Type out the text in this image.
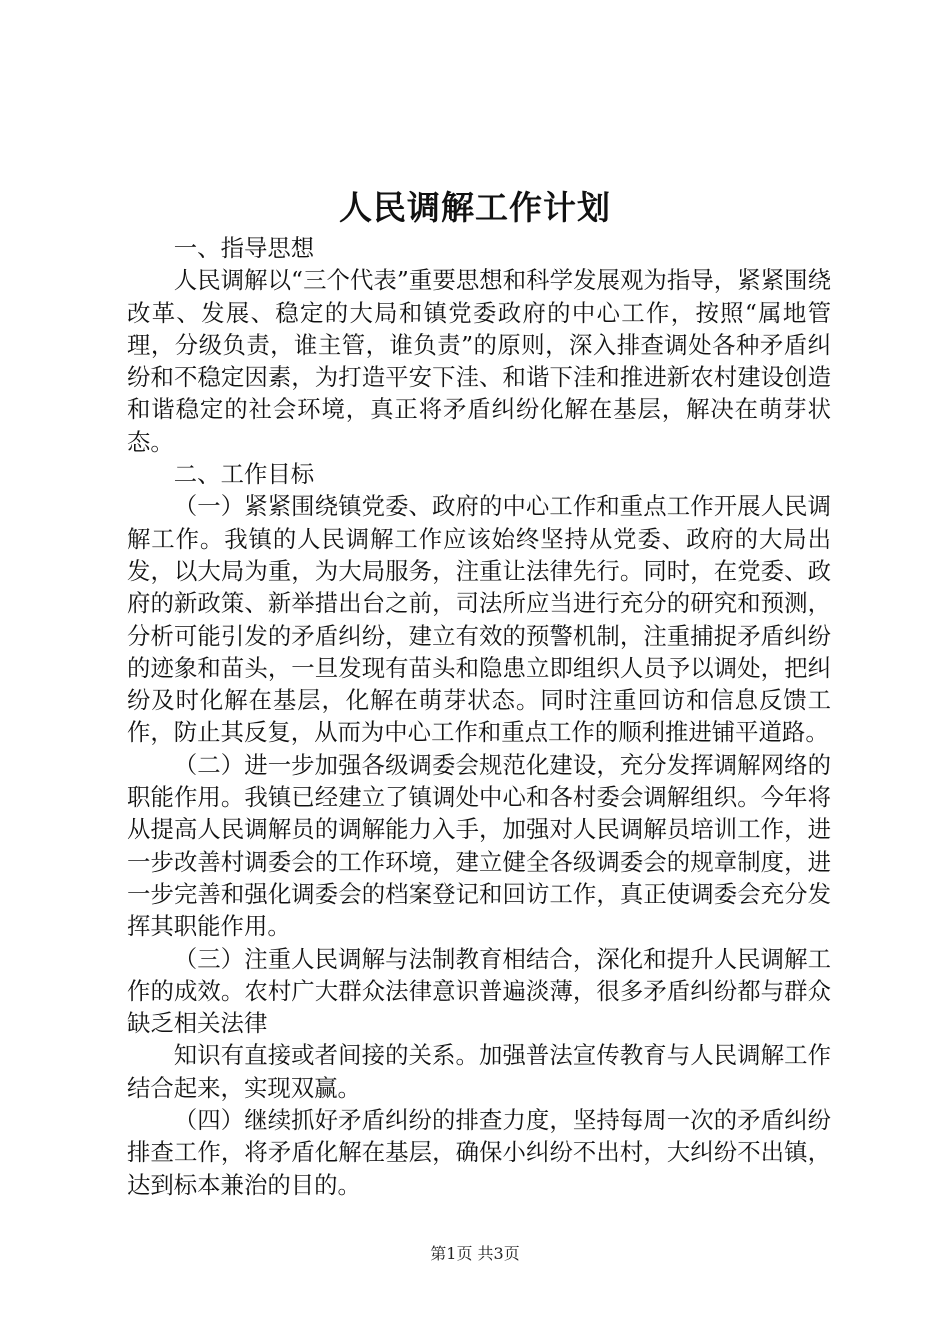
人民调解工作计划

一、指导思想

人民调解以“三个代表”重要思想和科学发展观为指导，紧紧围绕改革、发展、稳定的大局和镇党委政府的中心工作，按照“属地管理，分级负责，谁主管，谁负责”的原则，深入排查调处各种矛盾纠纷和不稳定因素，为打造平安下洼、和谐下洼和推进新农村建设创造和谐稳定的社会环境，真正将矛盾纠纷化解在基层，解决在萌芽状态。

二、工作目标

（一）紧紧围绕镇党委、政府的中心工作和重点工作开展人民调解工作。我镇的人民调解工作应该始终坚持从党委、政府的大局出发，以大局为重，为大局服务，注重让法律先行。同时，在党委、政府的新政策、新举措出台之前，司法所应当进行充分的研究和预测，分析可能引发的矛盾纠纷，建立有效的预警机制，注重捕捉矛盾纠纷的迹象和苗头，一旦发现有苗头和隐患立即组织人员予以调处，把纠纷及时化解在基层，化解在萌芽状态。同时注重回访和信息反馈工作，防止其反复，从而为中心工作和重点工作的顺利推进铺平道路。

（二）进一步加强各级调委会规范化建设，充分发挥调解网络的职能作用。我镇已经建立了镇调处中心和各村委会调解组织。今年将从提高人民调解员的调解能力入手，加强对人民调解员培训工作，进一步改善村调委会的工作环境，建立健全各级调委会的规章制度，进一步完善和强化调委会的档案登记和回访工作，真正使调委会充分发挥其职能作用。

（三）注重人民调解与法制教育相结合，深化和提升人民调解工作的成效。农村广大群众法律意识普遍淡薄，很多矛盾纠纷都与群众缺乏相关法律

知识有直接或者间接的关系。加强普法宣传教育与人民调解工作结合起来，实现双赢。

（四）继续抓好矛盾纠纷的排查力度，坚持每周一次的矛盾纠纷排查工作，将矛盾化解在基层，确保小纠纷不出村，大纠纷不出镇，达到标本兼治的目的。

第1页 共3页
